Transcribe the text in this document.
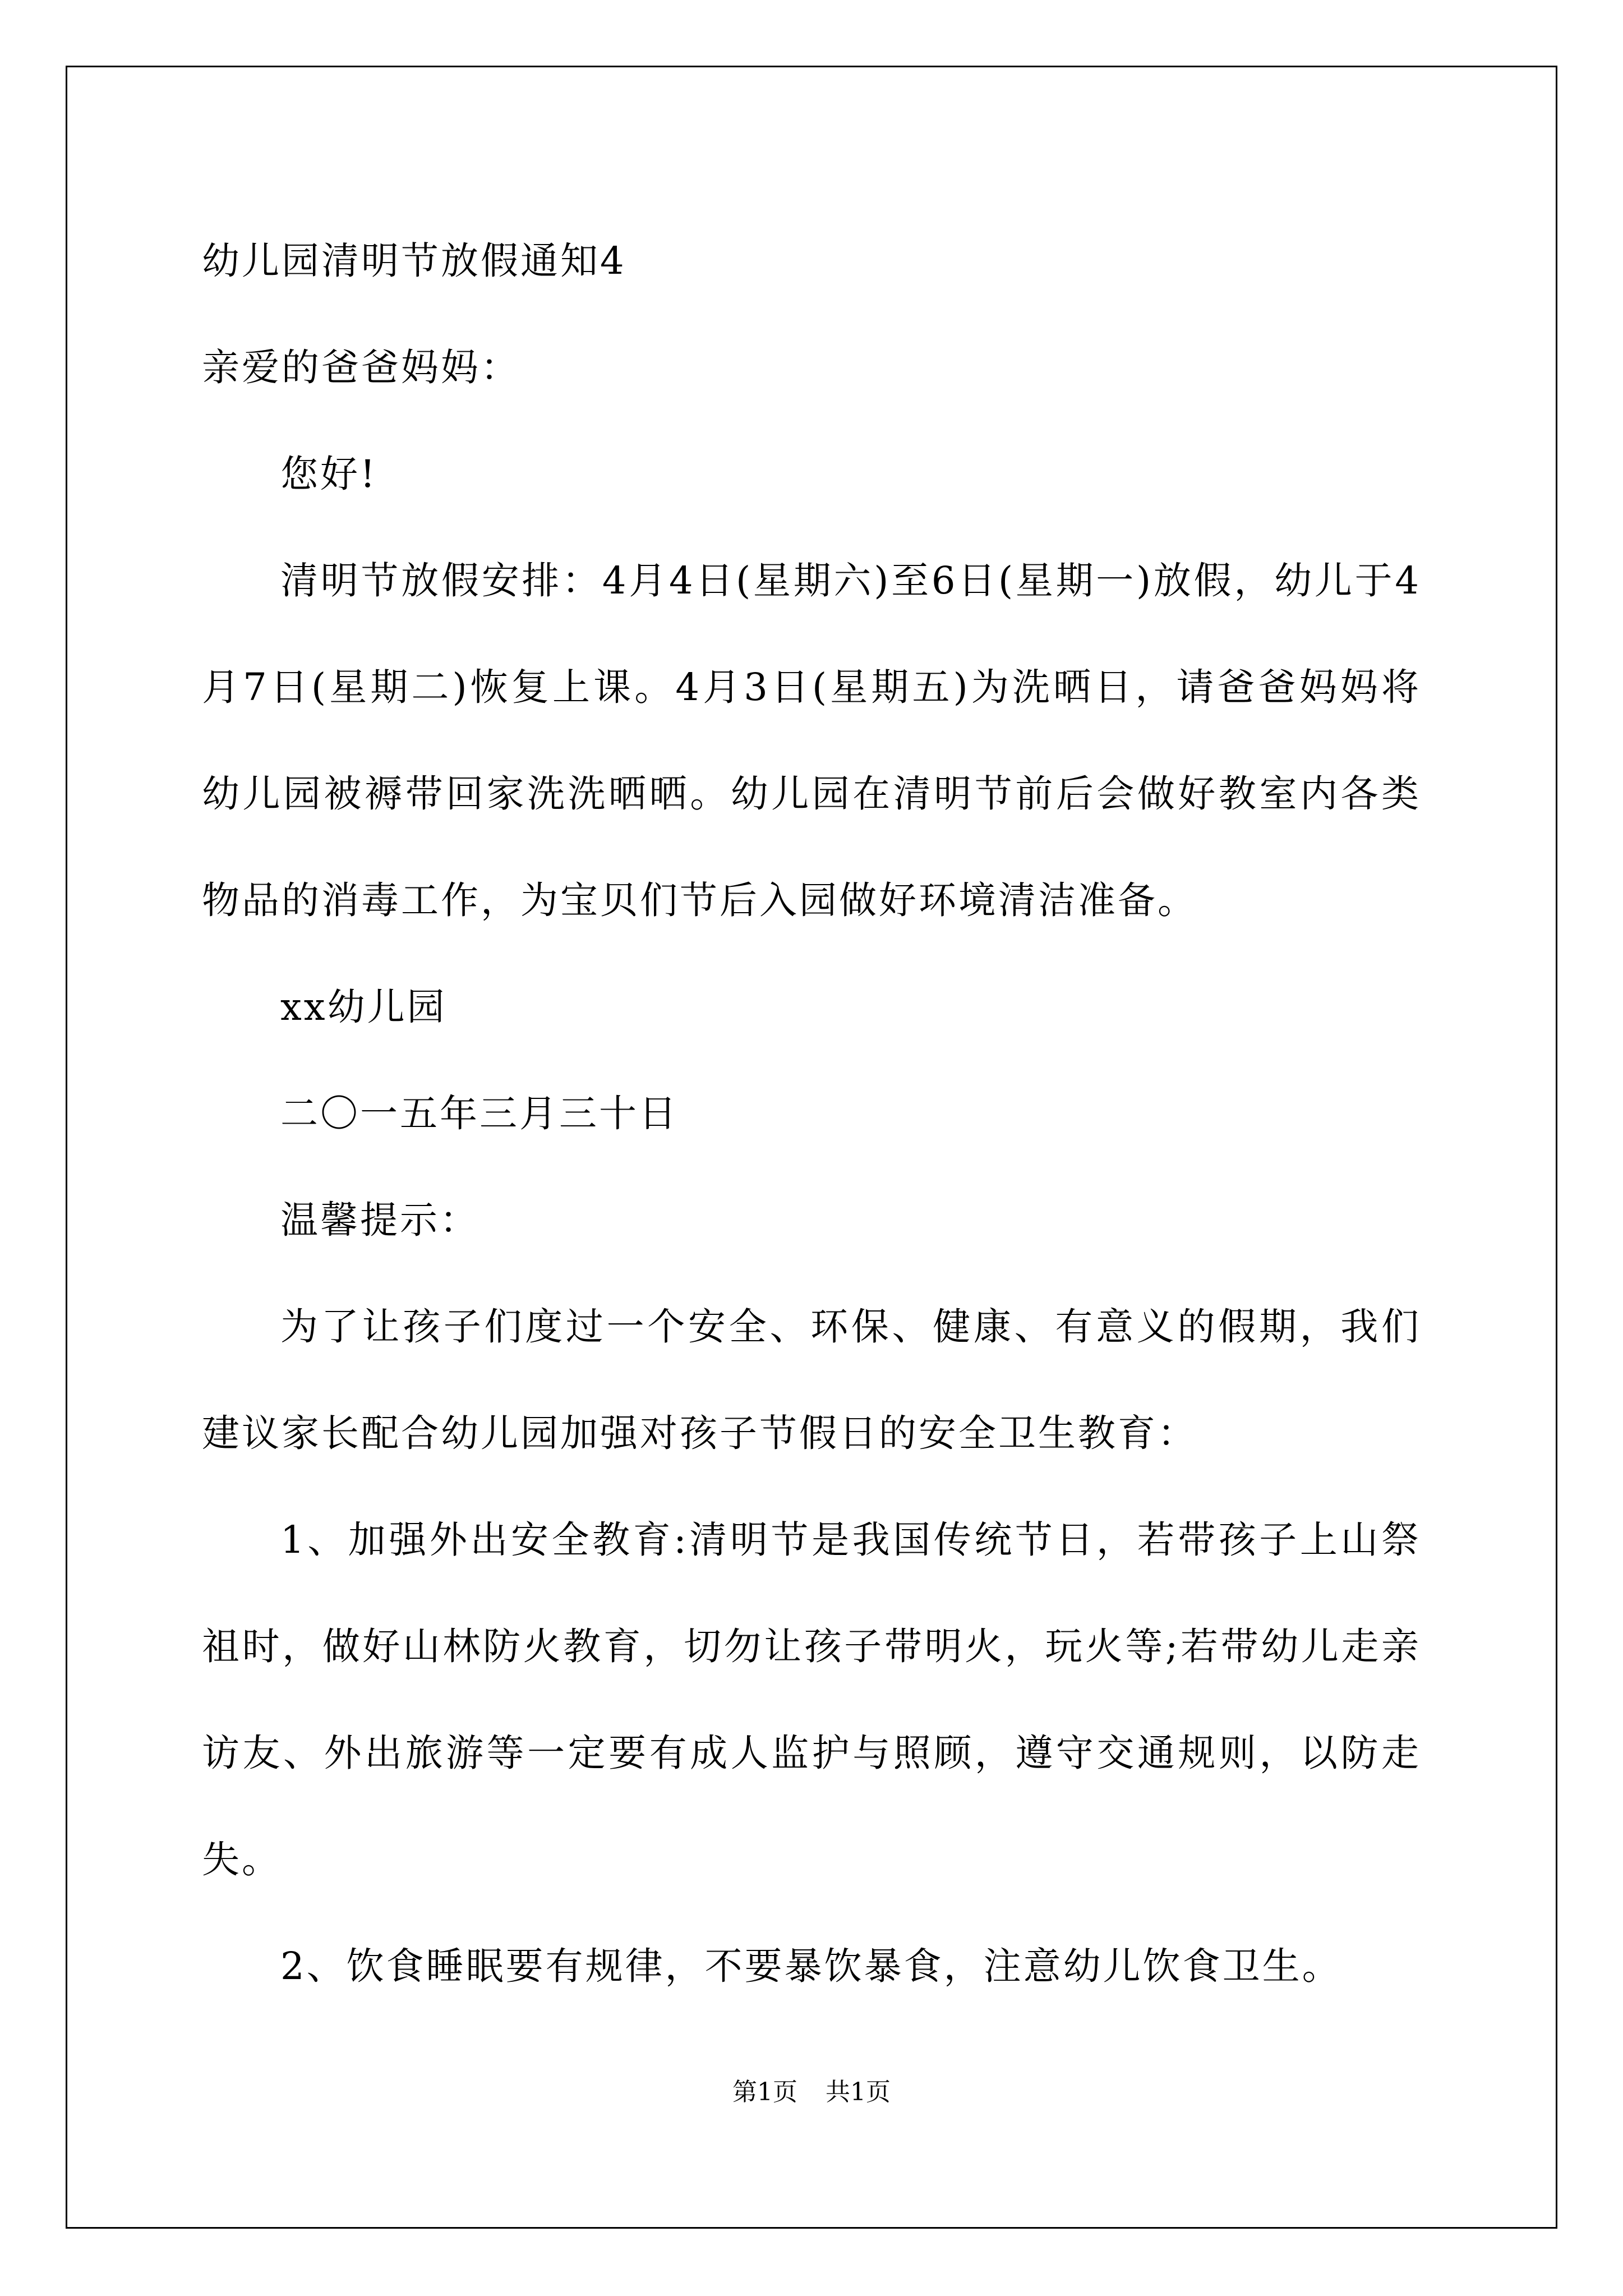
幼儿园清明节放假通知4

亲爱的爸爸妈妈：

您好!

清明节放假安排：4月4日(星期六)至6日(星期一)放假，幼儿于4月7日(星期二)恢复上课。4月3日(星期五)为洗晒日，请爸爸妈妈将幼儿园被褥带回家洗洗晒晒。幼儿园在清明节前后会做好教室内各类物品的消毒工作，为宝贝们节后入园做好环境清洁准备。

xx幼儿园

二〇一五年三月三十日

温馨提示：

为了让孩子们度过一个安全、环保、健康、有意义的假期，我们建议家长配合幼儿园加强对孩子节假日的安全卫生教育：

1、加强外出安全教育:清明节是我国传统节日，若带孩子上山祭祖时，做好山林防火教育，切勿让孩子带明火，玩火等;若带幼儿走亲访友、外出旅游等一定要有成人监护与照顾，遵守交通规则，以防走失。

2、饮食睡眠要有规律，不要暴饮暴食，注意幼儿饮食卫生。

第1页 共1页
